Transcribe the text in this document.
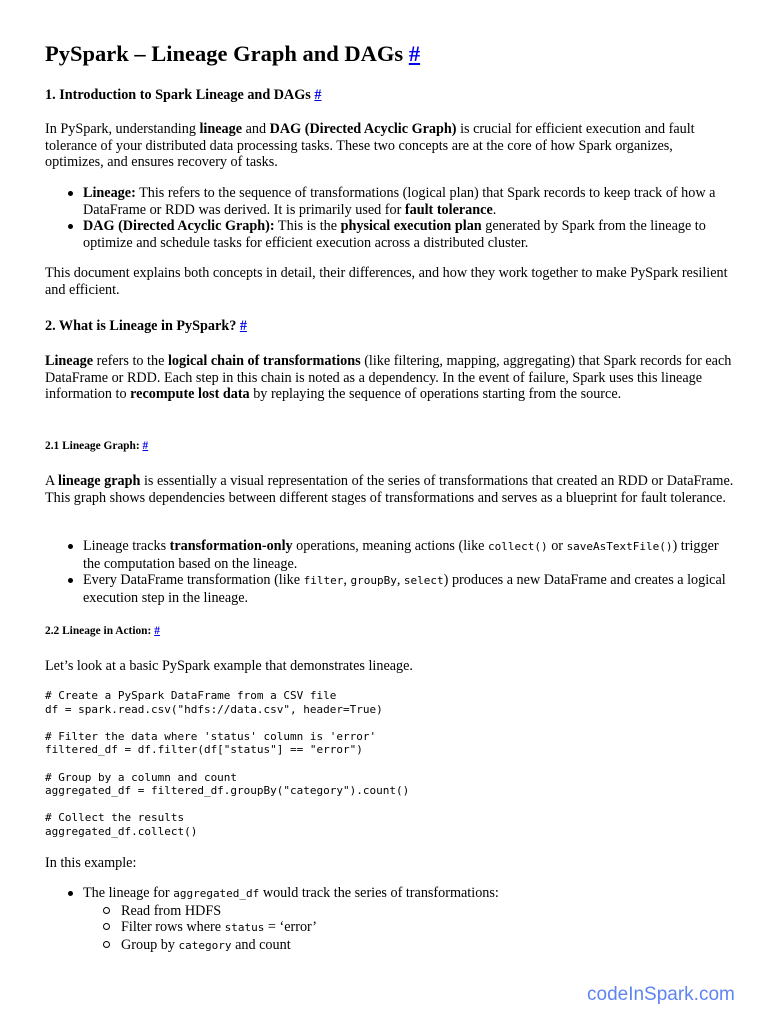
PySpark – Lineage Graph and DAGs #
1. Introduction to Spark Lineage and DAGs #

In PySpark, understanding lineage and DAG (Directed Acyclic Graph) is crucial for efficient execution and fault tolerance of your distributed data processing tasks. These two concepts are at the core of how Spark organizes, optimizes, and ensures recovery of tasks.

Lineage: This refers to the sequence of transformations (logical plan) that Spark records to keep track of how a DataFrame or RDD was derived. It is primarily used for fault tolerance.
DAG (Directed Acyclic Graph): This is the physical execution plan generated by Spark from the lineage to optimize and schedule tasks for efficient execution across a distributed cluster.

This document explains both concepts in detail, their differences, and how they work together to make PySpark resilient and efficient.

2. What is Lineage in PySpark? #

Lineage refers to the logical chain of transformations (like filtering, mapping, aggregating) that Spark records for each DataFrame or RDD. Each step in this chain is noted as a dependency. In the event of failure, Spark uses this lineage information to recompute lost data by replaying the sequence of operations starting from the source.

2.1 Lineage Graph: #

A lineage graph is essentially a visual representation of the series of transformations that created an RDD or DataFrame. This graph shows dependencies between different stages of transformations and serves as a blueprint for fault tolerance.

Lineage tracks transformation-only operations, meaning actions (like collect() or saveAsTextFile()) trigger the computation based on the lineage.
Every DataFrame transformation (like filter, groupBy, select) produces a new DataFrame and creates a logical execution step in the lineage.
2.2 Lineage in Action: #

Let’s look at a basic PySpark example that demonstrates lineage.

# Create a PySpark DataFrame from a CSV file
df = spark.read.csv("hdfs://data.csv", header=True)

# Filter the data where 'status' column is 'error'
filtered_df = df.filter(df["status"] == "error")

# Group by a column and count
aggregated_df = filtered_df.groupBy("category").count()

# Collect the results
aggregated_df.collect()

In this example:

The lineage for aggregated_df would track the series of transformations:
Read from HDFS
Filter rows where status = ‘error’
Group by category and count
codeInSpark.com
